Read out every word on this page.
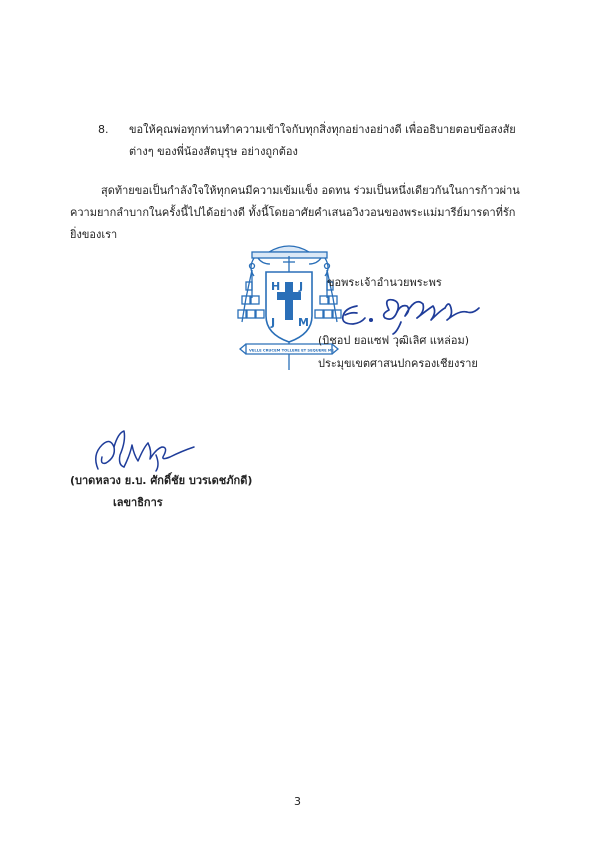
8. ขอให้คุณพ่อทุกท่านทำความเข้าใจกับทุกสิ่งทุกอย่างอย่างดี เพื่ออธิบายตอบข้อสงสัย
ต่างๆ ของพี่น้องสัตบุรุษ อย่างถูกต้อง
สุดท้ายขอเป็นกำลังใจให้ทุกคนมีความเข้มแข็ง อดทน ร่วมเป็นหนึ่งเดียวกันในการก้าวผ่าน
ความยากลำบากในครั้งนี้ไปได้อย่างดี ทั้งนี้โดยอาศัยคำเสนอวิงวอนของพระแม่มารีย์มารดาที่รัก
ยิ่งของเรา
H J
J M
VELLE CRUCEM TOLLERE ET SEQUERE ME
ขอพระเจ้าอำนวยพระพร
(บิชอป ยอแซฟ วุฒิเลิศ แหล่อม)
ประมุขเขตศาสนปกครองเชียงราย
(บาดหลวง ย.บ. ศักดิ์ชัย บวรเดชภักดี)
เลขาธิการ
3
